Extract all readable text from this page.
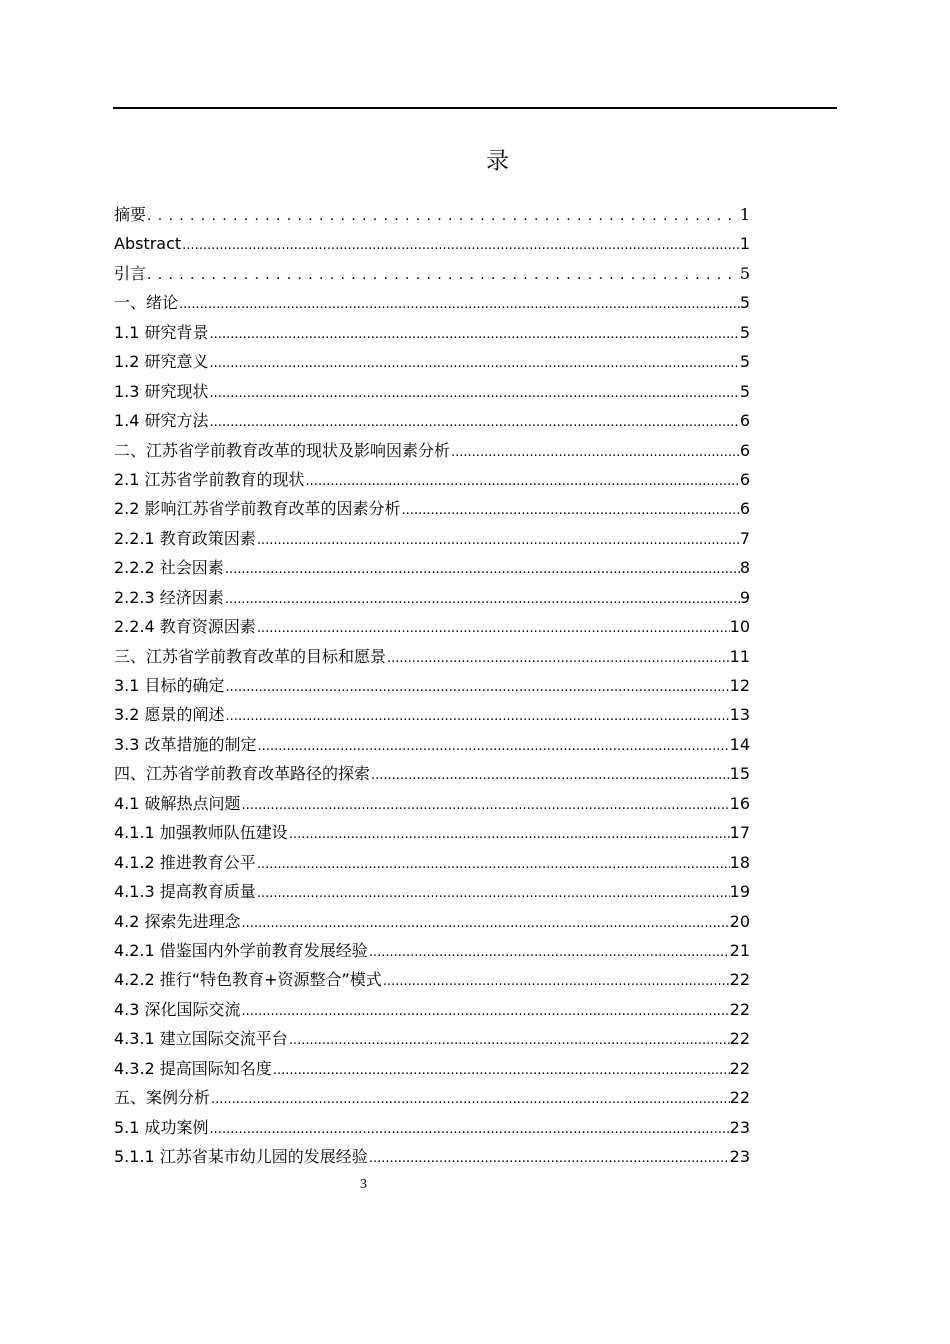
录
摘要 .....	1
Abstract .....	1
引言 .....	5
一、绪论 .....	5
1.1 研究背景 .....	5
1.2 研究意义 .....	5
1.3 研究现状 .....	5
1.4 研究方法 .....	6
二、江苏省学前教育改革的现状及影响因素分析 .....	6
2.1 江苏省学前教育的现状 .....	6
2.2 影响江苏省学前教育改革的因素分析 .....	6
2.2.1 教育政策因素 .....	7
2.2.2 社会因素 .....	8
2.2.3 经济因素 .....	9
2.2.4 教育资源因素 .....	10
三、江苏省学前教育改革的目标和愿景 .....	11
3.1 目标的确定 .....	12
3.2 愿景的阐述 .....	13
3.3 改革措施的制定 .....	14
四、江苏省学前教育改革路径的探索 .....	15
4.1 破解热点问题 .....	16
4.1.1 加强教师队伍建设 .....	17
4.1.2 推进教育公平 .....	18
4.1.3 提高教育质量 .....	19
4.2 探索先进理念 .....	20
4.2.1 借鉴国内外学前教育发展经验 .....	21
4.2.2 推行“特色教育+资源整合”模式 .....	22
4.3 深化国际交流 .....	22
4.3.1 建立国际交流平台 .....	22
4.3.2 提高国际知名度 .....	22
五、案例分析 .....	22
5.1 成功案例 .....	23
5.1.1 江苏省某市幼儿园的发展经验 .....	23
3
